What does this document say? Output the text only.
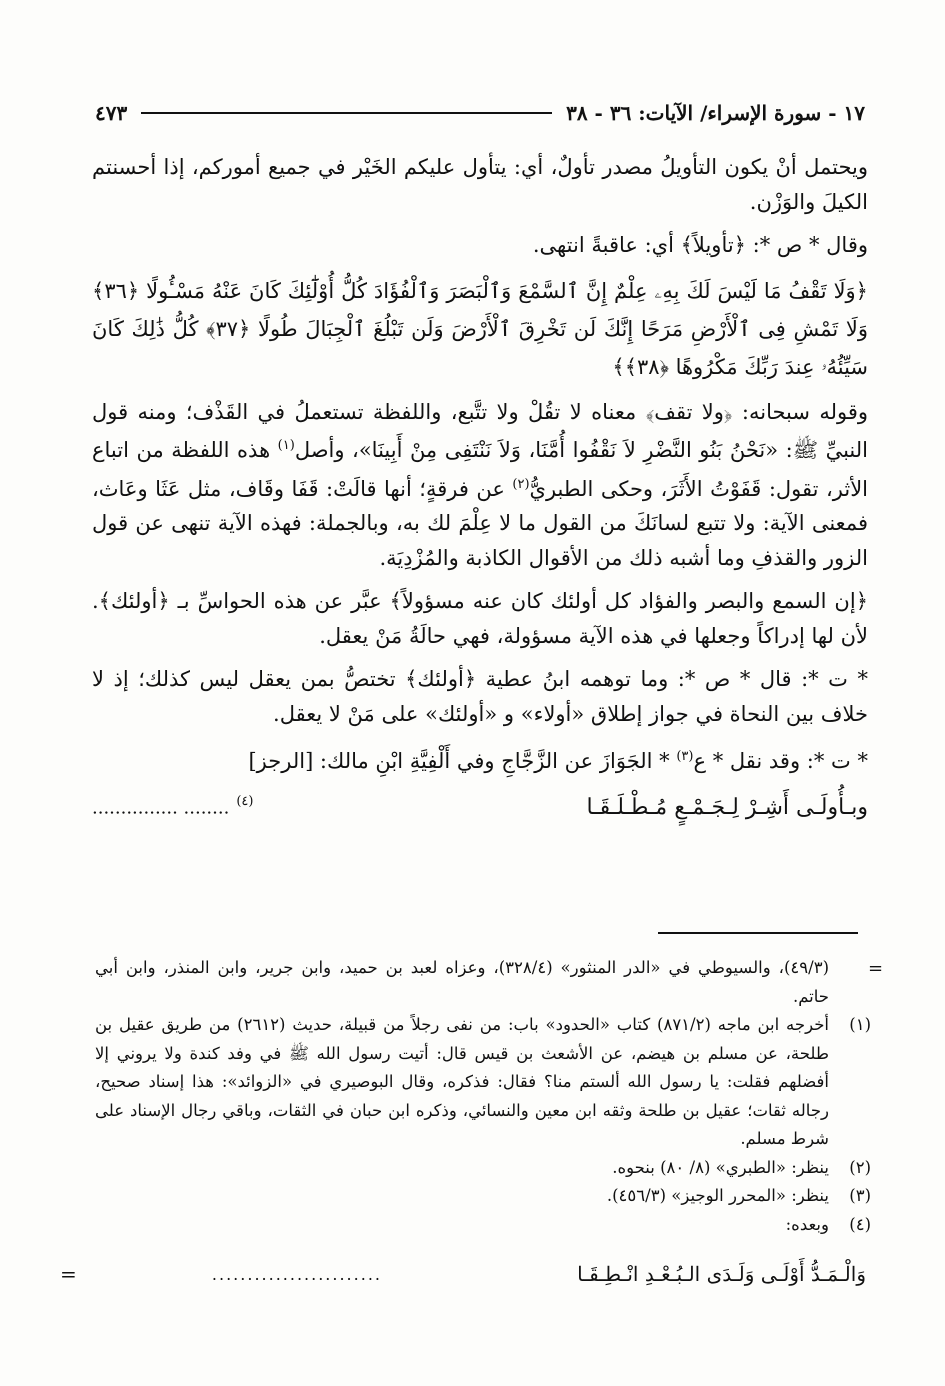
١٧ - سورة الإسراء/ الآيات: ٣٦ - ٣٨
٤٧٣

ويحتمل أنْ يكون التأويلُ مصدر تأولٌ، أي: يتأول عليكم الخَيْر في جميع أموركم، إذا أحسنتم الكيلَ والوَزْن.

وقال * ص *: ﴿تأويلاً﴾ أي: عاقبةً انتهى.

﴿وَلَا تَقْفُ مَا لَيْسَ لَكَ بِهِۦ عِلْمٌ إِنَّ ٱلسَّمْعَ وَٱلْبَصَرَ وَٱلْفُؤَادَ كُلُّ أُوْلَٰٓئِكَ كَانَ عَنْهُ مَسْـُٔولًا ﴿٣٦﴾ وَلَا تَمْشِ فِى ٱلْأَرْضِ مَرَحًا إِنَّكَ لَن تَخْرِقَ ٱلْأَرْضَ وَلَن تَبْلُغَ ٱلْجِبَالَ طُولًا ﴿٣٧﴾ كُلُّ ذَٰلِكَ كَانَ سَيِّئُهُۥ عِندَ رَبِّكَ مَكْرُوهًا ﴿٣٨﴾﴾

وقوله سبحانه: ﴿ولا تقف﴾ معناه لا تقُلْ ولا تتَّبع، واللفظة تستعملُ في القَذْف؛ ومنه قول النبيِّ ﷺ: «نَحْنُ بَنُو النَّضْرِ لاَ نَقْفُوا أُمَّنَا، وَلاَ نَنْتَفِى مِنْ أَبِينَا»، وأصل$^{(١)}$ هذه اللفظة من اتباع الأثر، تقول: قَفَوْتُ الأَثَرَ، وحكى الطبريُّ$^{(٢)}$ عن فرقةٍ؛ أنها قالَتْ: قَفَا وقَاف، مثل عَثَا وعَاث، فمعنى الآية: ولا تتبع لسانَكَ من القول ما لا عِلْمَ لك به، وبالجملة: فهذه الآية تنهى عن قول الزور والقذفِ وما أشبه ذلك من الأقوال الكاذبة والمُزْدِيَة.

﴿إن السمع والبصر والفؤاد كل أولئك كان عنه مسؤولاً﴾ عبَّر عن هذه الحواسِّ بـ ﴿أولئك﴾. لأن لها إدراكاً وجعلها في هذه الآية مسؤولة، فهي حالَةُ مَنْ يعقل.

* ت *: قال * ص *: وما توهمه ابنُ عطية ﴿أولئك﴾ تختصُّ بمن يعقل ليس كذلك؛ إذ لا خلاف بين النحاة في جواز إطلاق «أولاء» و «أولئك» على مَنْ لا يعقل.

* ت *: وقد نقل * ع$^{(٣)}$ * الجَوَازَ عن الزَّجَّاجِ وفي أَلْفِيَّةِ ابْنِ مالك: [الرجز]

وبـأُولَـى أَشِـرْ لِـجَـمْـعٍ مُـطْـلَـقَـا
$^{(٤)}$ ........ ...............
=
(٤٩/٣)، والسيوطي في «الدر المنثور» (٣٢٨/٤)، وعزاه لعبد بن حميد، وابن جرير، وابن المنذر، وابن أبي حاتم.
(١)
أخرجه ابن ماجه (٨٧١/٢) كتاب «الحدود» باب: من نفى رجلاً من قبيلة، حديث (٢٦١٢) من طريق عقيل بن طلحة، عن مسلم بن هيضم، عن الأشعث بن قيس قال: أتيت رسول الله ﷺ في وفد كندة ولا يروني إلا أفضلهم فقلت: يا رسول الله ألستم منا؟ فقال: فذكره، وقال البوصيري في «الزوائد»: هذا إسناد صحيح، رجاله ثقات؛ عقيل بن طلحة وثقه ابن معين والنسائي، وذكره ابن حبان في الثقات، وباقي رجال الإسناد على شرط مسلم.
(٢)
ينظر: «الطبري» (٨/ ٨٠) بنحوه.
(٣)
ينظر: «المحرر الوجيز» (٤٥٦/٣).
(٤)
وبعده:
وَالْـمَـدُّ أَوْلَـى وَلَـدَى الـبُـعْـدِ انْـطِـقَـا
........................
=
